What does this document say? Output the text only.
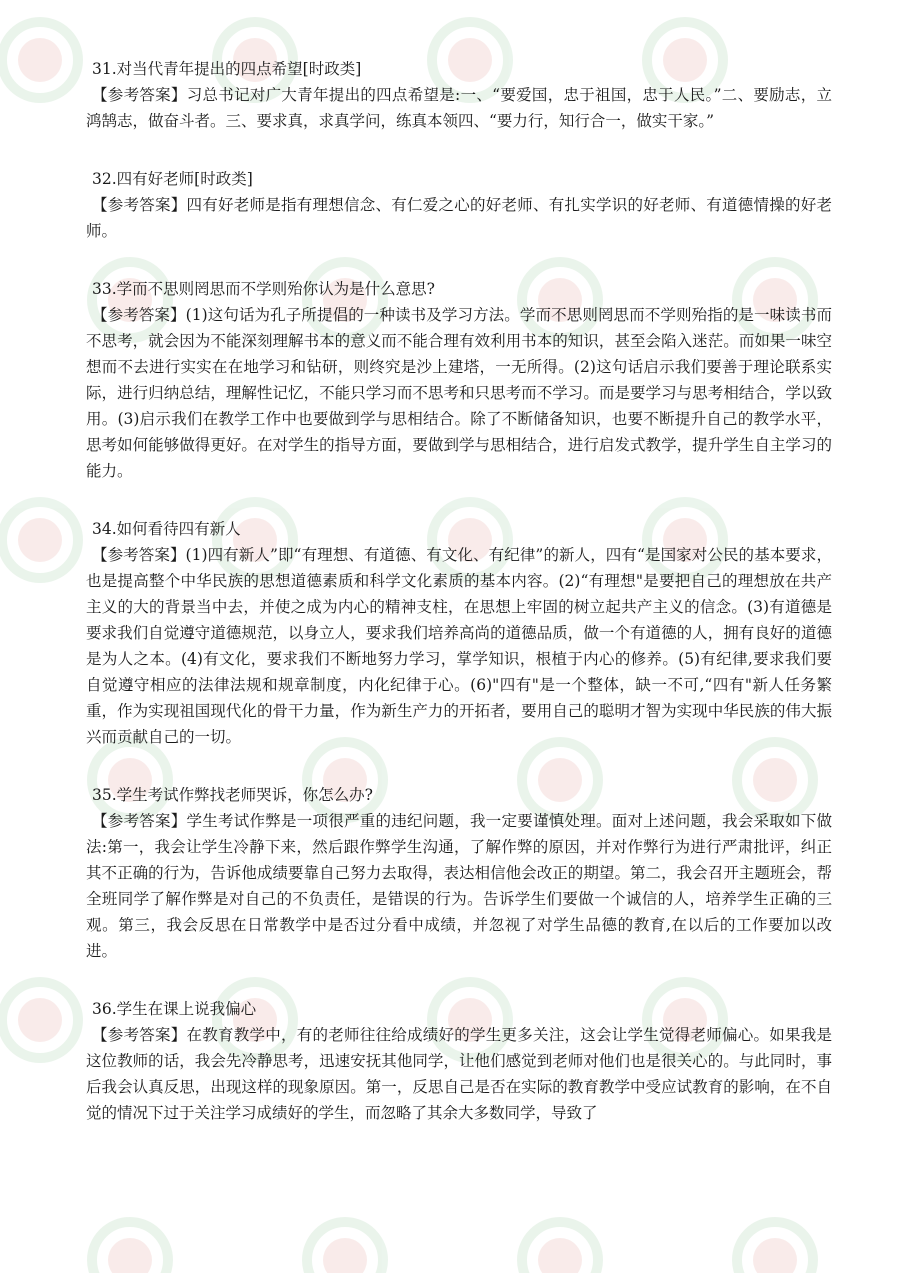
31.对当代青年提出的四点希望[时政类]

【参考答案】习总书记对广大青年提出的四点希望是:一、“要爱国，忠于祖国，忠于人民。”二、要励志，立鸿鹄志，做奋斗者。三、要求真，求真学问，练真本领四、“要力行，知行合一，做实干家。”

32.四有好老师[时政类]

【参考答案】四有好老师是指有理想信念、有仁爱之心的好老师、有扎实学识的好老师、有道德情操的好老师。

33.学而不思则罔思而不学则殆你认为是什么意思?

【参考答案】(1)这句话为孔子所提倡的一种读书及学习方法。学而不思则罔思而不学则殆指的是一味读书而不思考，就会因为不能深刻理解书本的意义而不能合理有效利用书本的知识，甚至会陷入迷茫。而如果一味空想而不去进行实实在在地学习和钻研，则终究是沙上建塔，一无所得。(2)这句话启示我们要善于理论联系实际，进行归纳总结，理解性记忆，不能只学习而不思考和只思考而不学习。而是要学习与思考相结合，学以致用。(3)启示我们在教学工作中也要做到学与思相结合。除了不断储备知识，也要不断提升自己的教学水平，思考如何能够做得更好。在对学生的指导方面，要做到学与思相结合，进行启发式教学，提升学生自主学习的能力。

34.如何看待四有新人

【参考答案】(1)四有新人”即“有理想、有道德、有文化、有纪律”的新人，四有“是国家对公民的基本要求，也是提高整个中华民族的思想道德素质和科学文化素质的基本内容。(2)“有理想"是要把自己的理想放在共产主义的大的背景当中去，并使之成为内心的精神支柱，在思想上牢固的树立起共产主义的信念。(3)有道德是要求我们自觉遵守道德规范，以身立人，要求我们培养高尚的道德品质，做一个有道德的人，拥有良好的道德是为人之本。(4)有文化，要求我们不断地努力学习，掌学知识，根植于内心的修养。(5)有纪律,要求我们要自觉遵守相应的法律法规和规章制度，内化纪律于心。(6)"四有"是一个整体，缺一不可,“四有"新人任务繁重，作为实现祖国现代化的骨干力量，作为新生产力的开拓者，要用自己的聪明才智为实现中华民族的伟大振兴而贡献自己的一切。

35.学生考试作弊找老师哭诉，你怎么办?

【参考答案】学生考试作弊是一项很严重的违纪问题，我一定要谨慎处理。面对上述问题，我会采取如下做法:第一，我会让学生冷静下来，然后跟作弊学生沟通，了解作弊的原因，并对作弊行为进行严肃批评，纠正其不正确的行为，告诉他成绩要靠自己努力去取得，表达相信他会改正的期望。第二，我会召开主题班会，帮全班同学了解作弊是对自己的不负责任，是错误的行为。告诉学生们要做一个诚信的人，培养学生正确的三观。第三，我会反思在日常教学中是否过分看中成绩，并忽视了对学生品德的教育,在以后的工作要加以改进。

36.学生在课上说我偏心

【参考答案】在教育教学中，有的老师往往给成绩好的学生更多关注，这会让学生觉得老师偏心。如果我是这位教师的话，我会先冷静思考，迅速安抚其他同学，让他们感觉到老师对他们也是很关心的。与此同时，事后我会认真反思，出现这样的现象原因。第一，反思自己是否在实际的教育教学中受应试教育的影响，在不自觉的情况下过于关注学习成绩好的学生，而忽略了其余大多数同学，导致了
